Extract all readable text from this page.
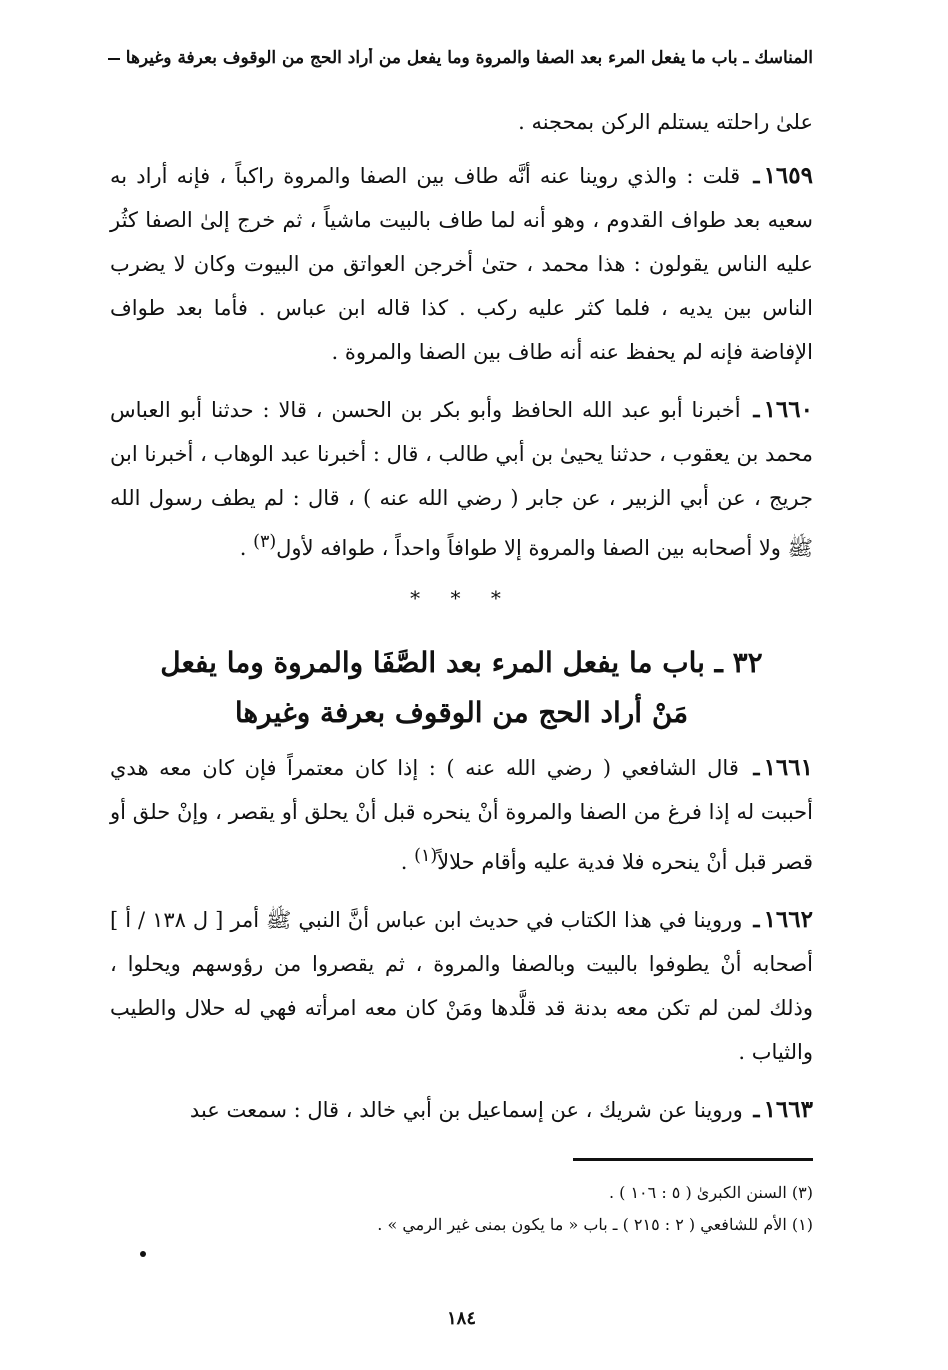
المناسك ـ باب ما يفعل المرء بعد الصفا والمروة وما يفعل من أراد الحج من الوقوف بعرفة وغيرها

علىٰ راحلته يستلم الركن بمحجنه .

١٦٥٩ـ قلت : والذي روينا عنه أنَّه طاف بين الصفا والمروة راكباً ، فإنه أراد به سعيه بعد طواف القدوم ، وهو أنه لما طاف بالبيت ماشياً ، ثم خرج إلىٰ الصفا كثُر عليه الناس يقولون : هذا محمد ، حتىٰ أخرجن العواتق من البيوت وكان لا يضرب الناس بين يديه ، فلما كثر عليه ركب . كذا قاله ابن عباس . فأما بعد طواف الإفاضة فإنه لم يحفظ عنه أنه طاف بين الصفا والمروة .

١٦٦٠ـ أخبرنا أبو عبد الله الحافظ وأبو بكر بن الحسن ، قالا : حدثنا أبو العباس محمد بن يعقوب ، حدثنا يحيىٰ بن أبي طالب ، قال : أخبرنا عبد الوهاب ، أخبرنا ابن جريج ، عن أبي الزبير ، عن جابر ( رضي الله عنه ) ، قال : لم يطف رسول الله ﷺ ولا أصحابه بين الصفا والمروة إلا طوافاً واحداً ، طوافه لأول$^{(٣)}$ .

* * *
٣٢ ـ باب ما يفعل المرء بعد الصَّفَا والمروة وما يفعل
مَنْ أراد الحج من الوقوف بعرفة وغيرها

١٦٦١ـ قال الشافعي ( رضي الله عنه ) : إذا كان معتمراً فإن كان معه هدي أحببت له إذا فرغ من الصفا والمروة أنْ ينحره قبل أنْ يحلق أو يقصر ، وإنْ حلق أو قصر قبل أنْ ينحره فلا فدية عليه وأقام حلالاً$^{(١)}$ .

١٦٦٢ـ وروينا في هذا الكتاب في حديث ابن عباس أنَّ النبي ﷺ أمر [ ل ١٣٨ / أ ] أصحابه أنْ يطوفوا بالبيت وبالصفا والمروة ، ثم يقصروا من رؤوسهم ويحلوا ، وذلك لمن لم تكن معه بدنة قد قلَّدها ومَنْ كان معه امرأته فهي له حلال والطيب والثياب .

١٦٦٣ـ وروينا عن شريك ، عن إسماعيل بن أبي خالد ، قال : سمعت عبد

(٣) السنن الكبرىٰ ( ٥ : ١٠٦ ) .
(١) الأم للشافعي ( ٢ : ٢١٥ ) ـ باب « ما يكون بمنى غير الرمي » .
١٨٤
